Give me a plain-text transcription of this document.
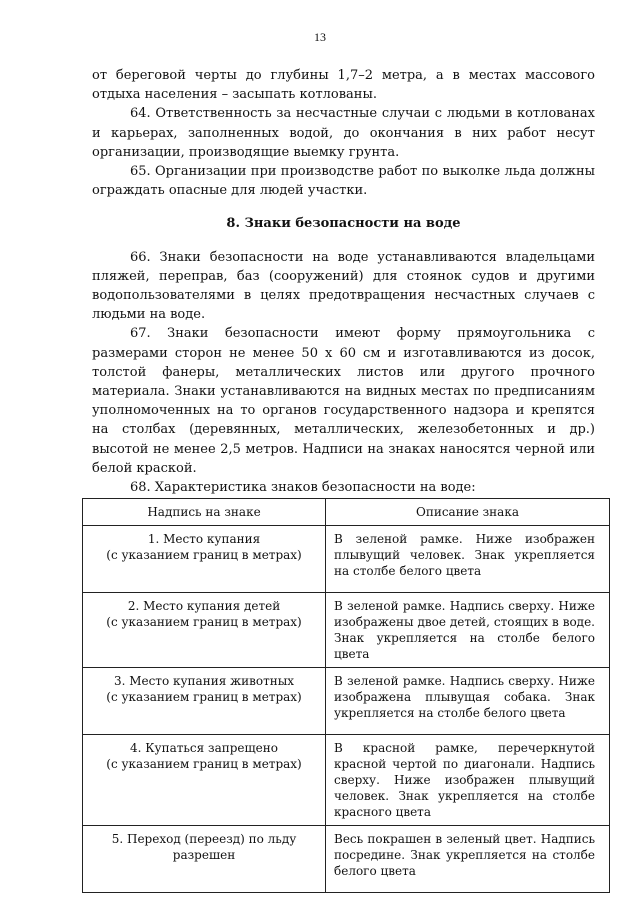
13

от береговой черты до глубины 1,7–2 метра, а в местах массового отдыха населения – засыпать котлованы.

64. Ответственность за несчастные случаи с людьми в котлованах и карьерах, заполненных водой, до окончания в них работ несут организации, производящие выемку грунта.

65. Организации при производстве работ по выколке льда должны ограждать опасные для людей участки.

8. Знаки безопасности на воде

66. Знаки безопасности на воде устанавливаются владельцами пляжей, переправ, баз (сооружений) для стоянок судов и другими водопользователями в целях предотвращения несчастных случаев с людьми на воде.

67. Знаки безопасности имеют форму прямоугольника с размерами сторон не менее 50 х 60 см и изготавливаются из досок, толстой фанеры, металлических листов или другого прочного материала. Знаки устанавливаются на видных местах по предписаниям уполномоченных на то органов государственного надзора и крепятся на столбах (деревянных, металлических, железобетонных и др.) высотой не менее 2,5 метров. Надписи на знаках наносятся черной или белой краской.

68. Характеристика знаков безопасности на воде:

Надпись на знаке	Описание знака
1. Место купания
(с указанием границ в метрах)	В зеленой рамке. Ниже изображен плывущий человек. Знак укрепляется на столбе белого цвета
2. Место купания детей
(с указанием границ в метрах)	В зеленой рамке. Надпись сверху. Ниже изображены двое детей, стоящих в воде. Знак укрепляется на столбе белого цвета
3. Место купания животных
(с указанием границ в метрах)	В зеленой рамке. Надпись сверху. Ниже изображена плывущая собака. Знак укрепляется на столбе белого цвета
4. Купаться запрещено
(с указанием границ в метрах)	В красной рамке, перечеркнутой красной чертой по диагонали. Надпись сверху. Ниже изображен плывущий человек. Знак укрепляется на столбе красного цвета
5. Переход (переезд) по льду
разрешен	Весь покрашен в зеленый цвет. Надпись посредине. Знак укрепляется на столбе белого цвета
